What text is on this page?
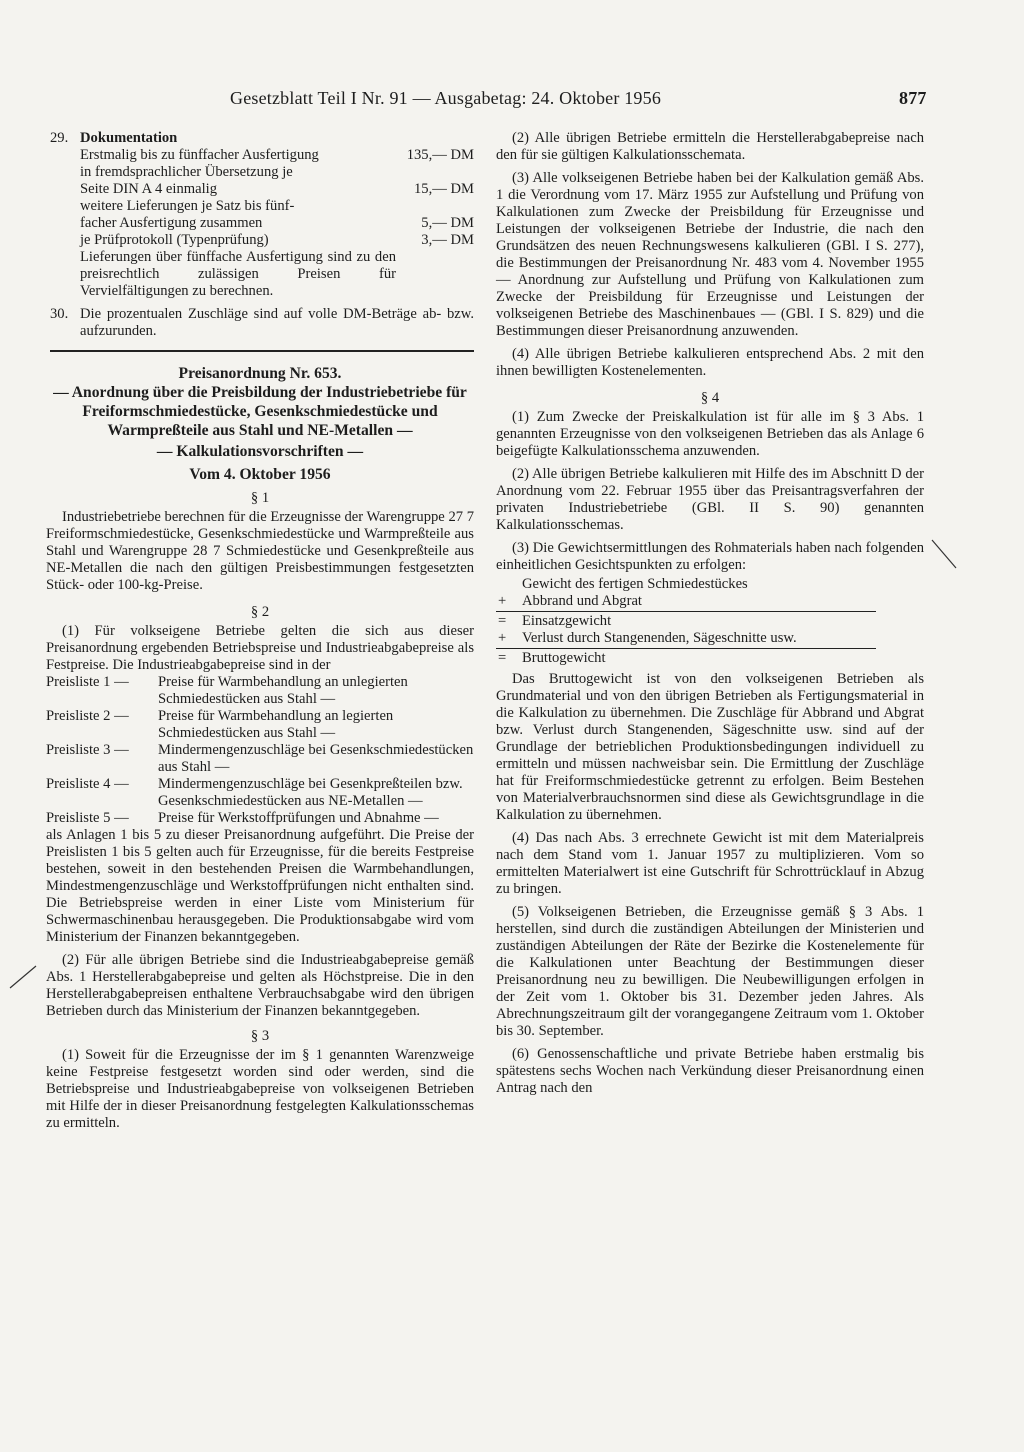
Gesetzblatt Teil I Nr. 91 — Ausgabetag: 24. Oktober 1956	877
29. Dokumentation
Erstmalig bis zu fünffacher Ausfertigung	135,— DM
in fremdsprachlicher Übersetzung je
Seite DIN A 4 einmalig	15,— DM
weitere Lieferungen je Satz bis fünf-
facher Ausfertigung zusammen	5,— DM
je Prüfprotokoll (Typenprüfung)	3,— DM

Lieferungen über fünffache Ausfertigung sind zu den preisrechtlich zulässigen Preisen für Vervielfältigungen zu berechnen.

30. Die prozentualen Zuschläge sind auf volle DM-Beträge ab- bzw. aufzurunden.

Preisanordnung Nr. 653.
— Anordnung über die Preisbildung der Industriebetriebe für Freiformschmiedestücke, Gesenkschmiedestücke und Warmpreßteile aus Stahl und NE-Metallen —
— Kalkulationsvorschriften —
Vom 4. Oktober 1956
§ 1

Industriebetriebe berechnen für die Erzeugnisse der Warengruppe 27 7 Freiformschmiedestücke, Gesenkschmiedestücke und Warmpreßteile aus Stahl und Warengruppe 28 7 Schmiedestücke und Gesenkpreßteile aus NE-Metallen die nach den gültigen Preisbestimmungen festgesetzten Stück- oder 100-kg-Preise.

§ 2

(1) Für volkseigene Betriebe gelten die sich aus dieser Preisanordnung ergebenden Betriebspreise und Industrieabgabepreise als Festpreise. Die Industrieabgabepreise sind in der

Preisliste 1 —	Preise für Warmbehandlung an unlegierten Schmiedestücken aus Stahl —
Preisliste 2 —	Preise für Warmbehandlung an legierten Schmiedestücken aus Stahl —
Preisliste 3 —	Mindermengenzuschläge bei Gesenkschmiedestücken aus Stahl —
Preisliste 4 —	Mindermengenzuschläge bei Gesenkpreßteilen bzw. Gesenkschmiedestücken aus NE-Metallen —
Preisliste 5 —	Preise für Werkstoffprüfungen und Abnahme —

als Anlagen 1 bis 5 zu dieser Preisanordnung aufgeführt. Die Preise der Preislisten 1 bis 5 gelten auch für Erzeugnisse, für die bereits Festpreise bestehen, soweit in den bestehenden Preisen die Warmbehandlungen, Mindestmengenzuschläge und Werkstoffprüfungen nicht enthalten sind. Die Betriebspreise werden in einer Liste vom Ministerium für Schwermaschinenbau herausgegeben. Die Produktionsabgabe wird vom Ministerium der Finanzen bekanntgegeben.

(2) Für alle übrigen Betriebe sind die Industrieabgabepreise gemäß Abs. 1 Herstellerabgabepreise und gelten als Höchstpreise. Die in den Herstellerabgabepreisen enthaltene Verbrauchsabgabe wird den übrigen Betrieben durch das Ministerium der Finanzen bekanntgegeben.

§ 3

(1) Soweit für die Erzeugnisse der im § 1 genannten Warenzweige keine Festpreise festgesetzt worden sind oder werden, sind die Betriebspreise und Industrieabgabepreise von volkseigenen Betrieben mit Hilfe der in dieser Preisanordnung festgelegten Kalkulationsschemas zu ermitteln.

(2) Alle übrigen Betriebe ermitteln die Herstellerabgabepreise nach den für sie gültigen Kalkulationsschemata.

(3) Alle volkseigenen Betriebe haben bei der Kalkulation gemäß Abs. 1 die Verordnung vom 17. März 1955 zur Aufstellung und Prüfung von Kalkulationen zum Zwecke der Preisbildung für Erzeugnisse und Leistungen der volkseigenen Betriebe der Industrie, die nach den Grundsätzen des neuen Rechnungswesens kalkulieren (GBl. I S. 277), die Bestimmungen der Preisanordnung Nr. 483 vom 4. November 1955 — Anordnung zur Aufstellung und Prüfung von Kalkulationen zum Zwecke der Preisbildung für Erzeugnisse und Leistungen der volkseigenen Betriebe des Maschinenbaues — (GBl. I S. 829) und die Bestimmungen dieser Preisanordnung anzuwenden.

(4) Alle übrigen Betriebe kalkulieren entsprechend Abs. 2 mit den ihnen bewilligten Kostenelementen.

§ 4

(1) Zum Zwecke der Preiskalkulation ist für alle im § 3 Abs. 1 genannten Erzeugnisse von den volkseigenen Betrieben das als Anlage 6 beigefügte Kalkulationsschema anzuwenden.

(2) Alle übrigen Betriebe kalkulieren mit Hilfe des im Abschnitt D der Anordnung vom 22. Februar 1955 über das Preisantragsverfahren der privaten Industriebetriebe (GBl. II S. 90) genannten Kalkulationsschemas.

(3) Die Gewichtsermittlungen des Rohmaterials haben nach folgenden einheitlichen Gesichtspunkten zu erfolgen:

Gewicht des fertigen Schmiedestückes
+ Abbrand und Abgrat
= Einsatzgewicht
+ Verlust durch Stangenenden, Sägeschnitte usw.
= Bruttogewicht

Das Bruttogewicht ist von den volkseigenen Betrieben als Grundmaterial und von den übrigen Betrieben als Fertigungsmaterial in die Kalkulation zu übernehmen. Die Zuschläge für Abbrand und Abgrat bzw. Verlust durch Stangenenden, Sägeschnitte usw. sind auf der Grundlage der betrieblichen Produktionsbedingungen individuell zu ermitteln und müssen nachweisbar sein. Die Ermittlung der Zuschläge hat für Freiformschmiedestücke getrennt zu erfolgen. Beim Bestehen von Materialverbrauchsnormen sind diese als Gewichtsgrundlage in die Kalkulation zu übernehmen.

(4) Das nach Abs. 3 errechnete Gewicht ist mit dem Materialpreis nach dem Stand vom 1. Januar 1957 zu multiplizieren. Vom so ermittelten Materialwert ist eine Gutschrift für Schrottrücklauf in Abzug zu bringen.

(5) Volkseigenen Betrieben, die Erzeugnisse gemäß § 3 Abs. 1 herstellen, sind durch die zuständigen Abteilungen der Ministerien und zuständigen Abteilungen der Räte der Bezirke die Kostenelemente für die Kalkulationen unter Beachtung der Bestimmungen dieser Preisanordnung neu zu bewilligen. Die Neubewilligungen erfolgen in der Zeit vom 1. Oktober bis 31. Dezember jeden Jahres. Als Abrechnungszeitraum gilt der vorangegangene Zeitraum vom 1. Oktober bis 30. September.

(6) Genossenschaftliche und private Betriebe haben erstmalig bis spätestens sechs Wochen nach Verkündung dieser Preisanordnung einen Antrag nach den
